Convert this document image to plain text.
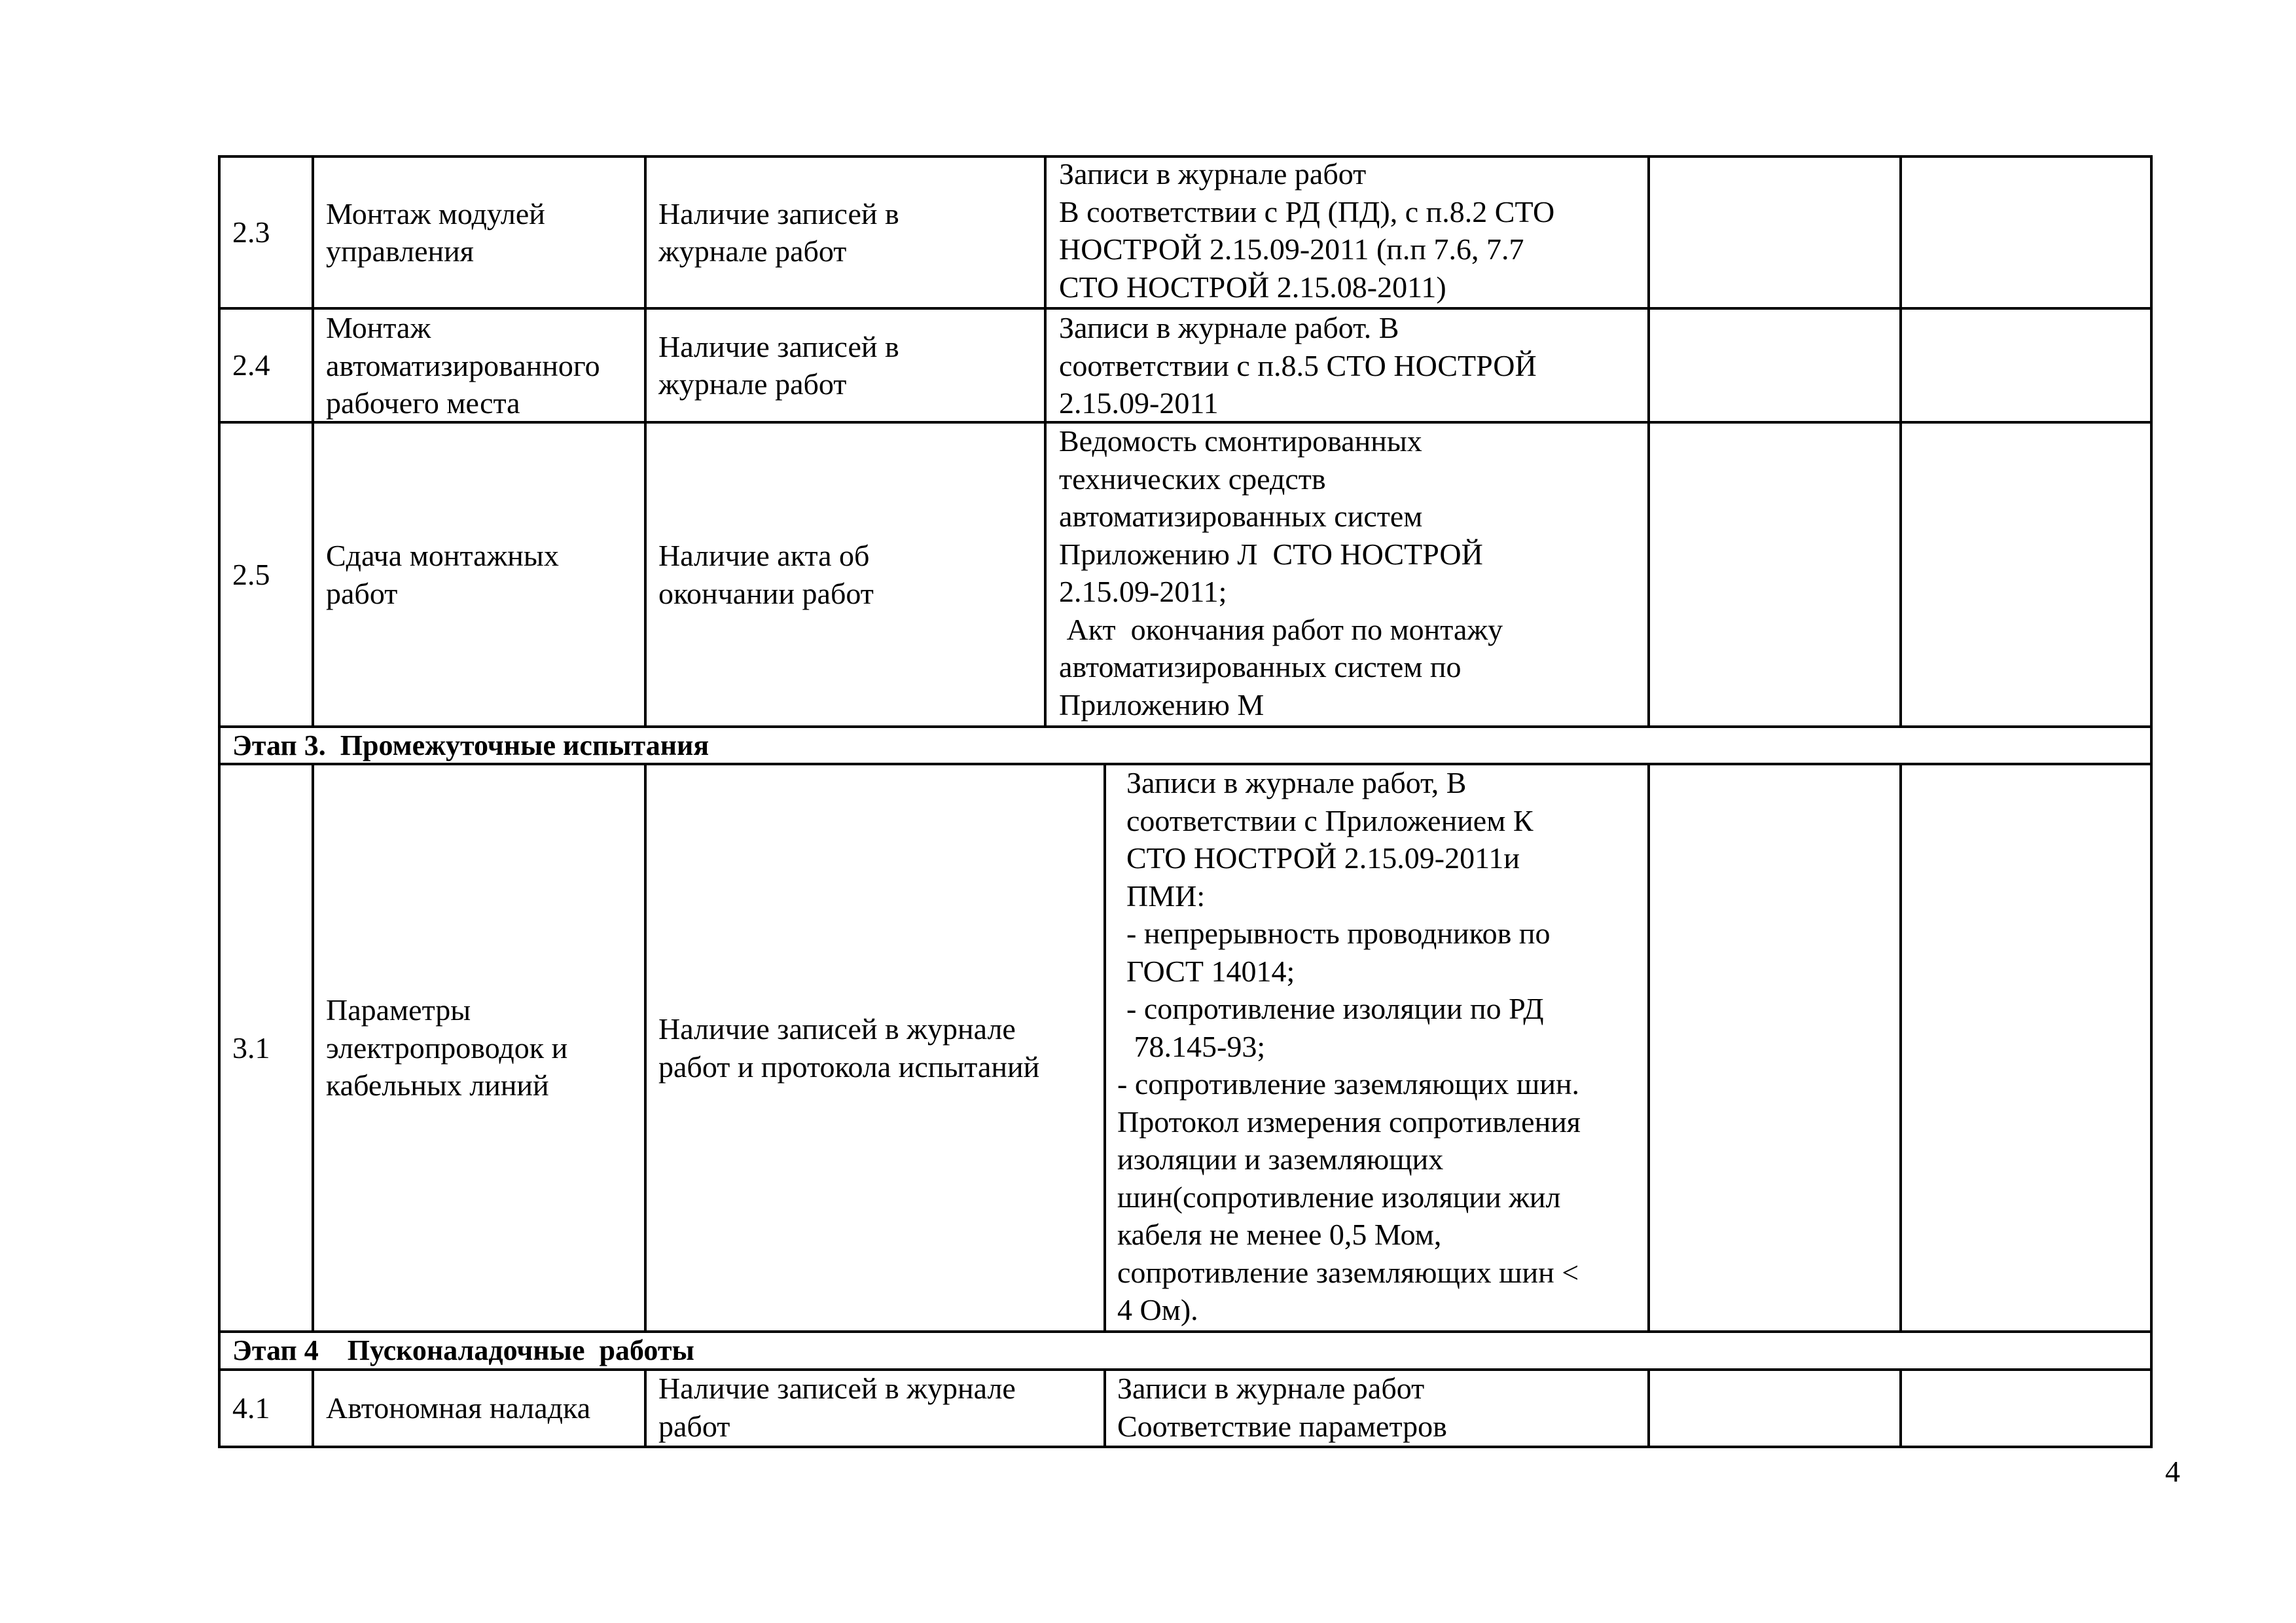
2.3
Монтаж модулей
управления
Наличие записей в
журнале работ
Записи в журнале работ
В соответствии с РД (ПД), с п.8.2 СТО
НОСТРОЙ 2.15.09-2011 (п.п 7.6, 7.7
СТО НОСТРОЙ 2.15.08-2011)
2.4
Монтаж
автоматизированного
рабочего места
Наличие записей в
журнале работ
Записи в журнале работ. В
соответствии с п.8.5 СТО НОСТРОЙ
2.15.09-2011
2.5
Сдача монтажных
работ
Наличие акта об
окончании работ
Ведомость смонтированных
технических средств
автоматизированных систем
Приложению Л  СТО НОСТРОЙ
2.15.09-2011;
Акт  окончания работ по монтажу
автоматизированных систем по
Приложению М
Этап 3.  Промежуточные испытания
3.1
Параметры
электропроводок и
кабельных линий
Наличие записей в журнале
работ и протокола испытаний
Записи в журнале работ, В
соответствии с Приложением К
СТО НОСТРОЙ 2.15.09-2011и
ПМИ:
- непрерывность проводников по
ГОСТ 14014;
- сопротивление изоляции по РД
78.145-93;
- сопротивление заземляющих шин.
Протокол измерения сопротивления
изоляции и заземляющих
шин(сопротивление изоляции жил
кабеля не менее 0,5 Мом,
сопротивление заземляющих шин <
4 Ом).
Этап 4    Пусконаладочные  работы
4.1 Автономная наладка
Наличие записей в журнале
работ
Записи в журнале работ
Соответствие параметров
4
